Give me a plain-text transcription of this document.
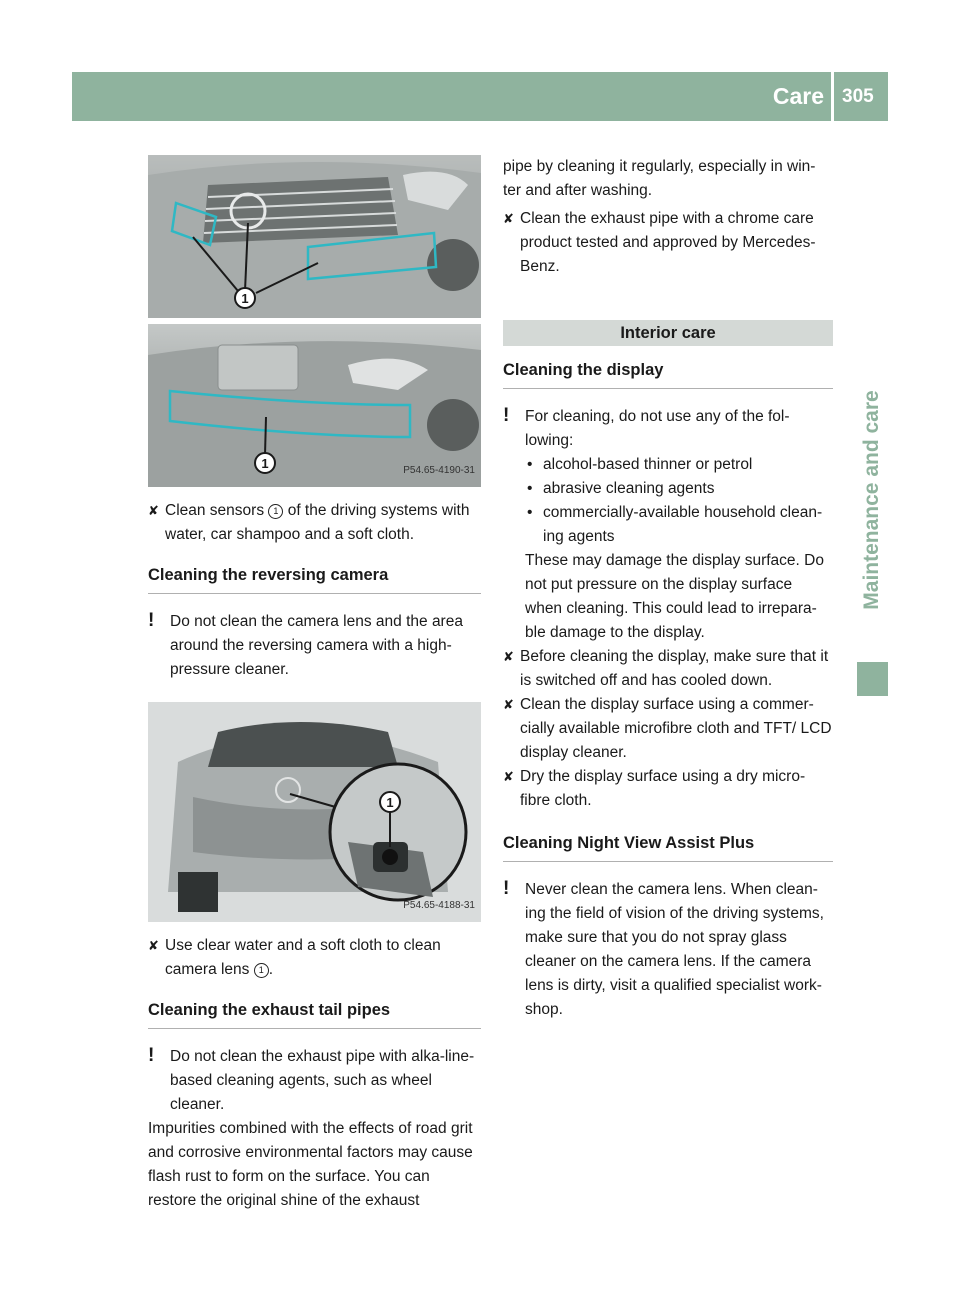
Care 305
Maintenance and care
1
1	P54.65-4190-31

✘ Clean sensors 1 of the driving systems with water, car shampoo and a soft cloth.

Cleaning the reversing camera

! Do not clean the camera lens and the area around the reversing camera with a high-pressure cleaner.

1
P54.65-4188-31

✘ Use clear water and a soft cloth to clean camera lens 1 .

Cleaning the exhaust tail pipes

! Do not clean the exhaust pipe with alka-line-based cleaning agents, such as wheel cleaner.

Impurities combined with the effects of road grit and corrosive environmental factors may cause flash rust to form on the surface. You can restore the original shine of the exhaust

pipe by cleaning it regularly, especially in win-ter and after washing.

✘ Clean the exhaust pipe with a chrome care product tested and approved by Mercedes-Benz.

Interior care
Cleaning the display

! For cleaning, do not use any of the fol-lowing:

• alcohol-based thinner or petrol

• abrasive cleaning agents

• commercially-available household clean-ing agents

These may damage the display surface. Do not put pressure on the display surface when cleaning. This could lead to irrepara-ble damage to the display.

✘ Before cleaning the display, make sure that it is switched off and has cooled down.

✘ Clean the display surface using a commer-cially available microfibre cloth and TFT/ LCD display cleaner.

✘ Dry the display surface using a dry micro-fibre cloth.

Cleaning Night View Assist Plus

! Never clean the camera lens. When clean-ing the field of vision of the driving systems, make sure that you do not spray glass cleaner on the camera lens. If the camera lens is dirty, visit a qualified specialist work-shop.
